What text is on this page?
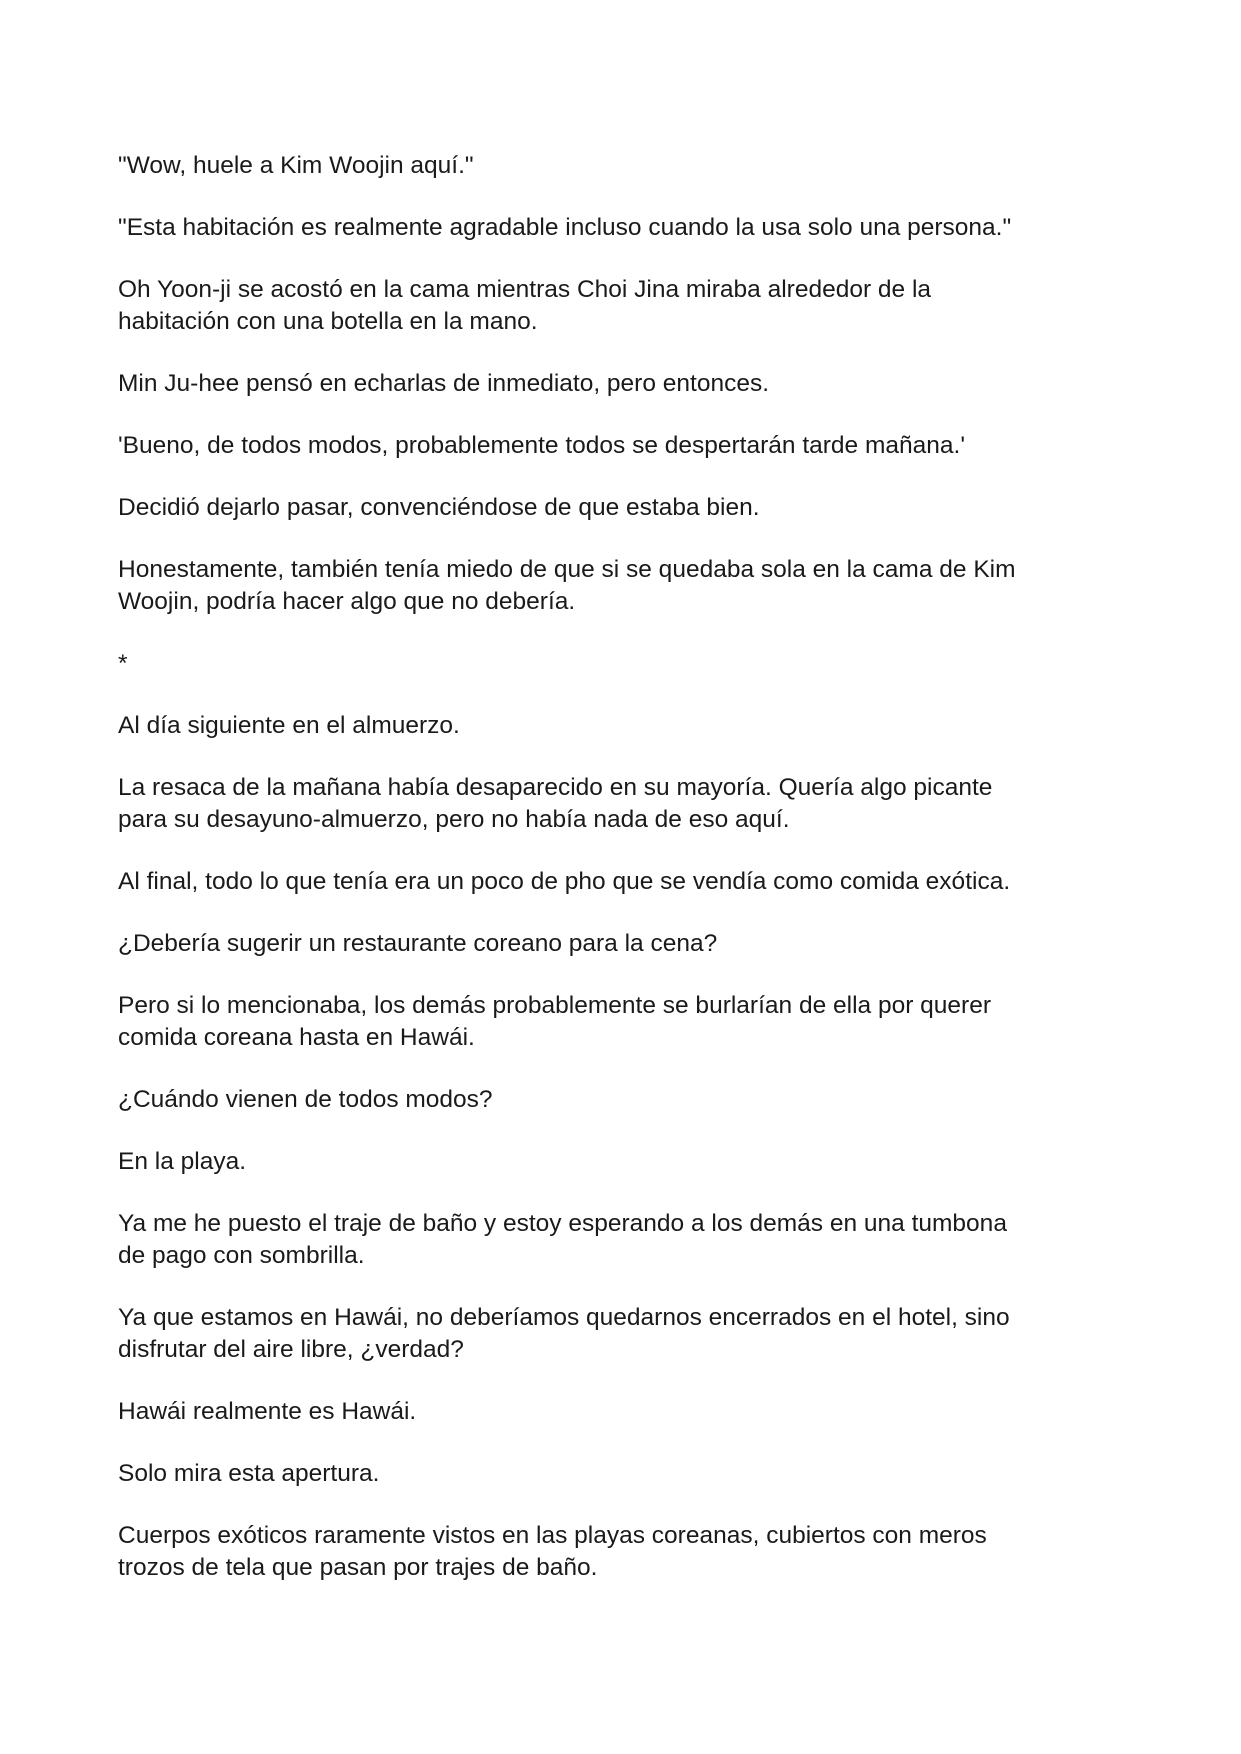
"Wow, huele a Kim Woojin aquí."

"Esta habitación es realmente agradable incluso cuando la usa solo una persona."

Oh Yoon-ji se acostó en la cama mientras Choi Jina miraba alrededor de la
habitación con una botella en la mano.

Min Ju-hee pensó en echarlas de inmediato, pero entonces.

'Bueno, de todos modos, probablemente todos se despertarán tarde mañana.'

Decidió dejarlo pasar, convenciéndose de que estaba bien.

Honestamente, también tenía miedo de que si se quedaba sola en la cama de Kim
Woojin, podría hacer algo que no debería.

*

Al día siguiente en el almuerzo.

La resaca de la mañana había desaparecido en su mayoría. Quería algo picante
para su desayuno-almuerzo, pero no había nada de eso aquí.

Al final, todo lo que tenía era un poco de pho que se vendía como comida exótica.

¿Debería sugerir un restaurante coreano para la cena?

Pero si lo mencionaba, los demás probablemente se burlarían de ella por querer
comida coreana hasta en Hawái.

¿Cuándo vienen de todos modos?

En la playa.

Ya me he puesto el traje de baño y estoy esperando a los demás en una tumbona
de pago con sombrilla.

Ya que estamos en Hawái, no deberíamos quedarnos encerrados en el hotel, sino
disfrutar del aire libre, ¿verdad?

Hawái realmente es Hawái.

Solo mira esta apertura.

Cuerpos exóticos raramente vistos en las playas coreanas, cubiertos con meros
trozos de tela que pasan por trajes de baño.
